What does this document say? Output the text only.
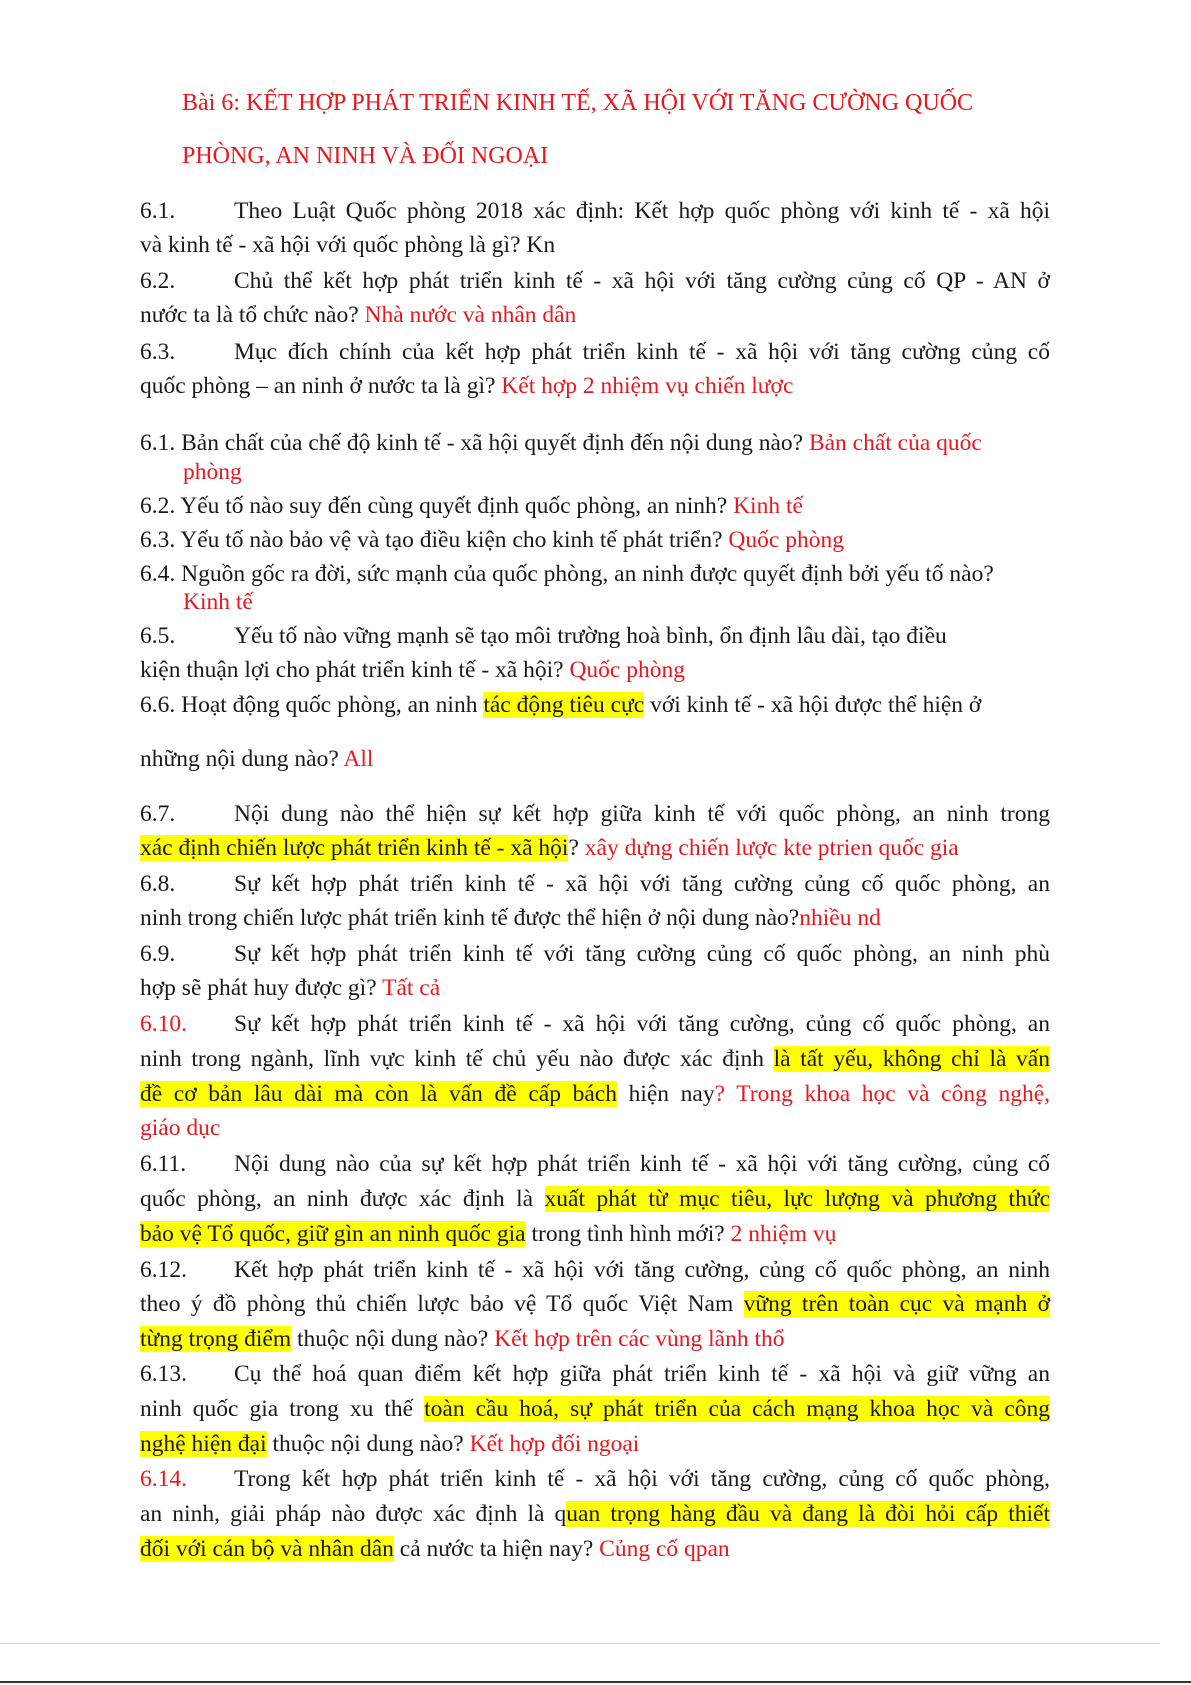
Bài 6: KẾT HỢP PHÁT TRIỂN KINH TẾ, XÃ HỘI VỚI TĂNG CƯỜNG QUỐC
PHÒNG, AN NINH VÀ ĐỐI NGOẠI
6.1.	Theo Luật Quốc phòng 2018 xác định: Kết hợp quốc phòng với kinh tế - xã hội
và kinh tế - xã hội với quốc phòng là gì? Kn
6.2.	Chủ thể kết hợp phát triển kinh tế - xã hội với tăng cường củng cố QP - AN ở
nước ta là tổ chức nào? Nhà nước và nhân dân
6.3.	Mục đích chính của kết hợp phát triển kinh tế - xã hội với tăng cường củng cố
quốc phòng – an ninh ở nước ta là gì? Kết hợp 2 nhiệm vụ chiến lược
6.1. Bản chất của chế độ kinh tế - xã hội quyết định đến nội dung nào? Bản chất của quốc
phòng
6.2. Yếu tố nào suy đến cùng quyết định quốc phòng, an ninh? Kinh tế
6.3. Yếu tố nào bảo vệ và tạo điều kiện cho kinh tế phát triển? Quốc phòng
6.4. Nguồn gốc ra đời, sức mạnh của quốc phòng, an ninh được quyết định bởi yếu tố nào?
Kinh tế
6.5.	Yếu tố nào vững mạnh sẽ tạo môi trường hoà bình, ổn định lâu dài, tạo điều
kiện thuận lợi cho phát triển kinh tế - xã hội? Quốc phòng
6.6. Hoạt động quốc phòng, an ninh tác động tiêu cực với kinh tế - xã hội được thể hiện ở
những nội dung nào? All
6.7.	Nội dung nào thể hiện sự kết hợp giữa kinh tế với quốc phòng, an ninh trong
xác định chiến lược phát triển kinh tế - xã hội? xây dựng chiến lược kte ptrien quốc gia
6.8.	Sự kết hợp phát triển kinh tế - xã hội với tăng cường củng cố quốc phòng, an
ninh trong chiến lược phát triển kinh tế được thể hiện ở nội dung nào?nhiều nd
6.9.	Sự kết hợp phát triển kinh tế với tăng cường củng cố quốc phòng, an ninh phù
hợp sẽ phát huy được gì? Tất cả
6.10. Sự kết hợp phát triển kinh tế - xã hội với tăng cường, củng cố quốc phòng, an
ninh trong ngành, lĩnh vực kinh tế chủ yếu nào được xác định là tất yếu, không chỉ là vấn
đề cơ bản lâu dài mà còn là vấn đề cấp bách hiện nay? Trong khoa học và công nghệ,
giáo dục
6.11. Nội dung nào của sự kết hợp phát triển kinh tế - xã hội với tăng cường, củng cố
quốc phòng, an ninh được xác định là xuất phát từ mục tiêu, lực lượng và phương thức
bảo vệ Tổ quốc, giữ gìn an ninh quốc gia trong tình hình mới? 2 nhiệm vụ
6.12. Kết hợp phát triển kinh tế - xã hội với tăng cường, củng cố quốc phòng, an ninh
theo ý đồ phòng thủ chiến lược bảo vệ Tổ quốc Việt Nam vững trên toàn cục và mạnh ở
từng trọng điểm thuộc nội dung nào? Kết hợp trên các vùng lãnh thổ
6.13. Cụ thể hoá quan điểm kết hợp giữa phát triển kinh tế - xã hội và giữ vững an
ninh quốc gia trong xu thế toàn cầu hoá, sự phát triển của cách mạng khoa học và công
nghệ hiện đại thuộc nội dung nào? Kết hợp đối ngoại
6.14. Trong kết hợp phát triển kinh tế - xã hội với tăng cường, củng cố quốc phòng,
an ninh, giải pháp nào được xác định là quan trọng hàng đầu và đang là đòi hỏi cấp thiết
đối với cán bộ và nhân dân cả nước ta hiện nay? Củng cố qpan
